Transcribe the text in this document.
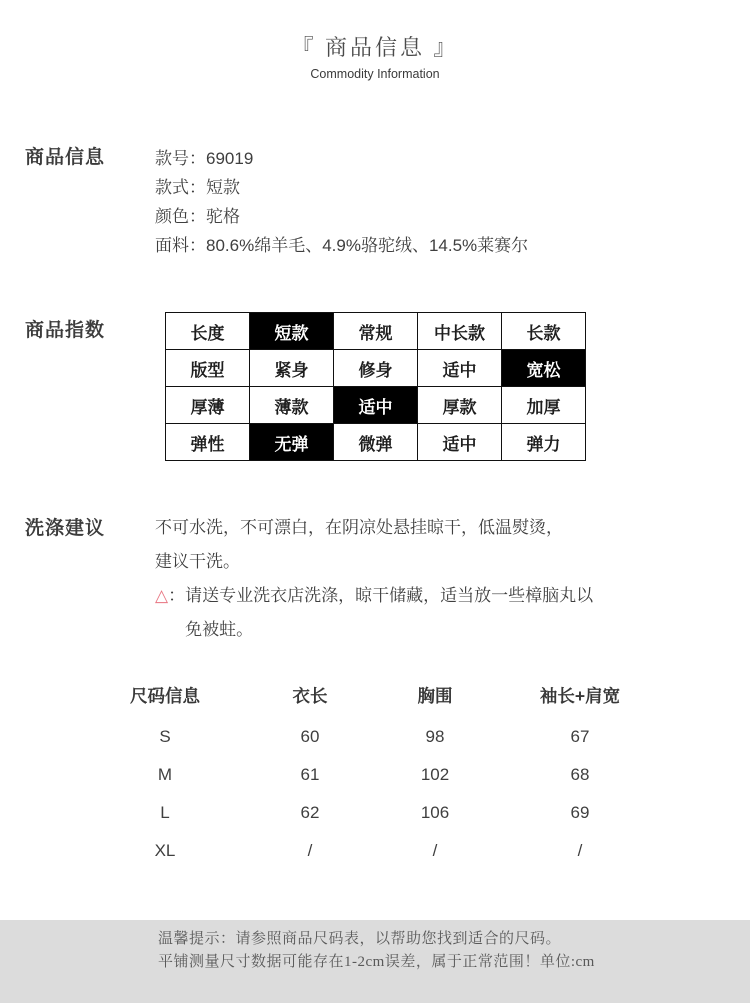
『 商品信息 』
Commodity Information
商品信息	款号：69019
款式：短款
颜色：驼格
面料：80.6%绵羊毛、4.9%骆驼绒、14.5%莱赛尔
商品指数	长度	短款	常规	中长款	长款
版型	紧身	修身	适中	宽松
厚薄	薄款	适中	厚款	加厚
弹性	无弹	微弹	适中	弹力
洗涤建议	不可水洗，不可漂白，在阴凉处悬挂晾干，低温熨烫，
建议干洗。
△： 请送专业洗衣店洗涤，晾干储藏，适当放一些樟脑丸以
免被蛀。
尺码信息	衣长	胸围	袖长+肩宽
S	60	98	67
M	61	102	68
L	62	106	69
XL	/	/	/
温馨提示：请参照商品尺码表，以帮助您找到适合的尺码。
平铺测量尺寸数据可能存在1-2cm误差，属于正常范围！单位:cm
